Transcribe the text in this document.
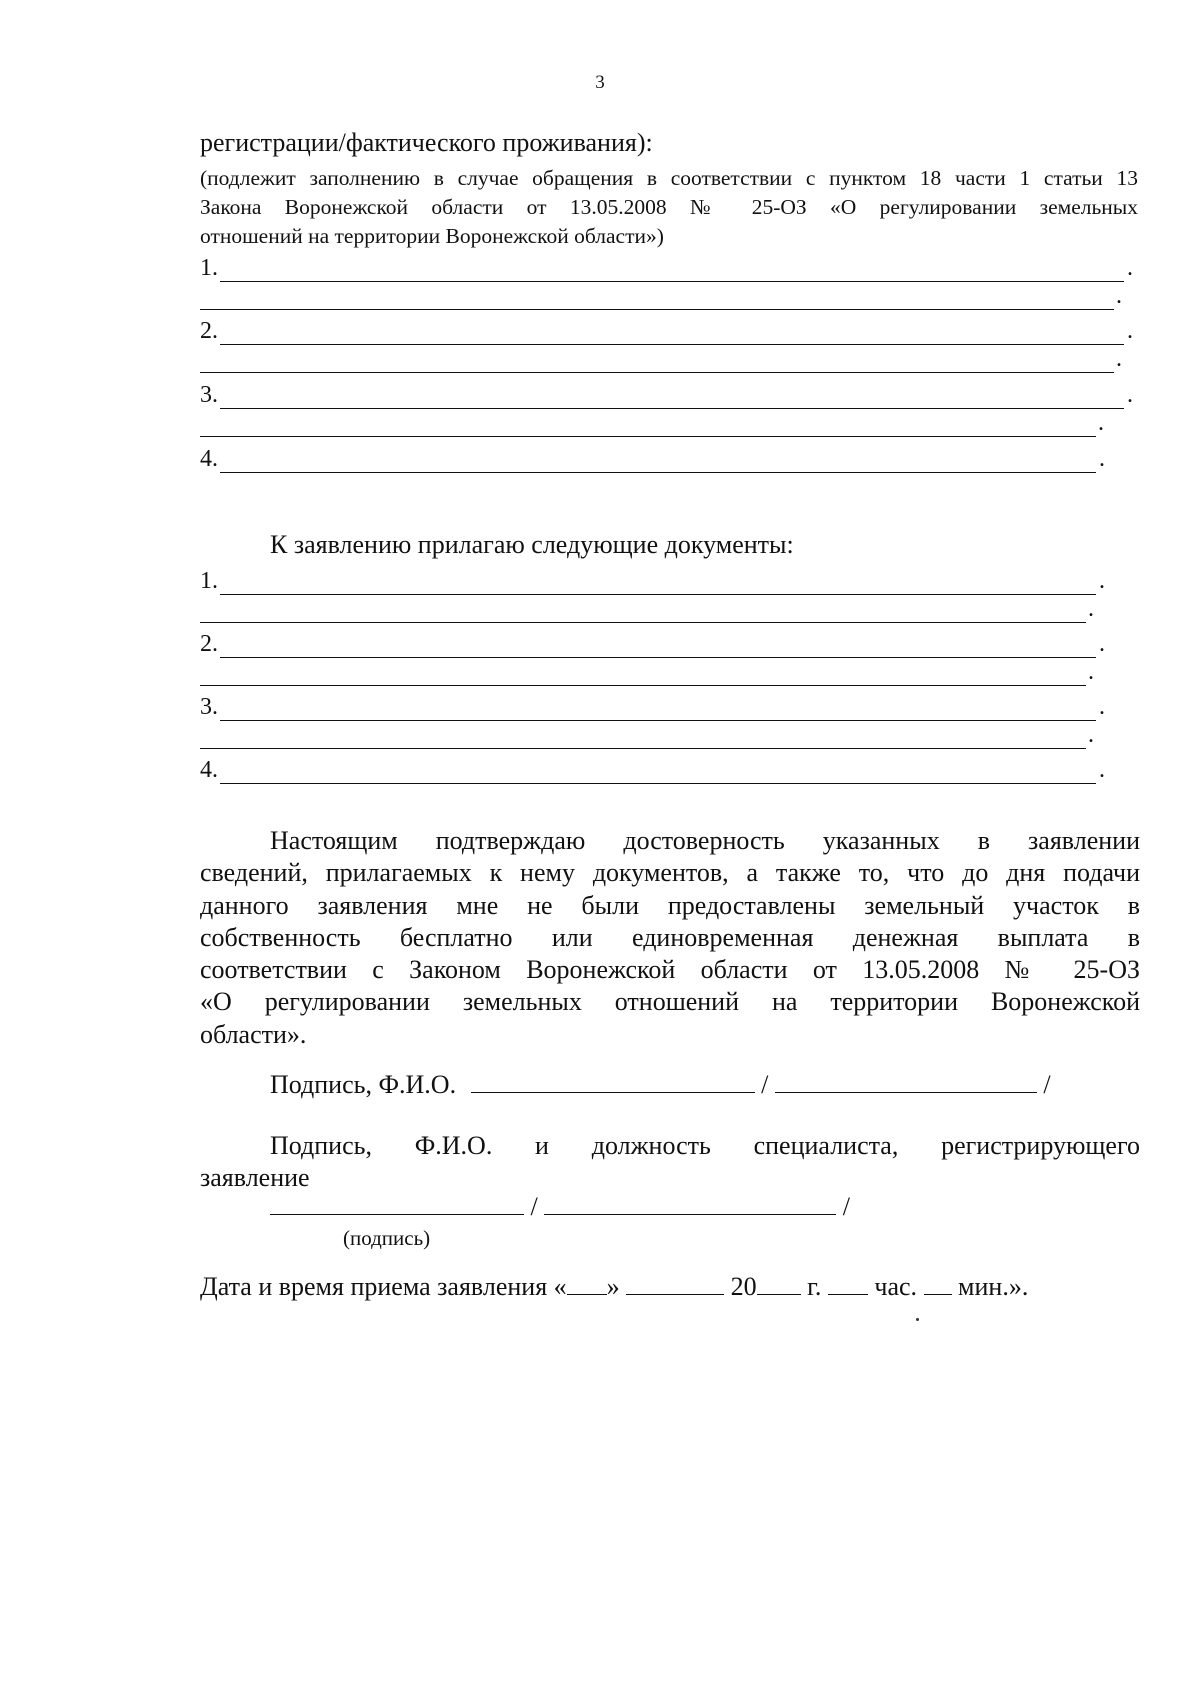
3
регистрации/фактического проживания):
(подлежит заполнению в случае обращения в соответствии с пунктом 18 части 1 статьи 13
Закона Воронежской области от 13.05.2008 № 25-ОЗ «О регулировании земельных
отношений на территории Воронежской области»)
1.	.
.
2.	.
.
3.	.
.
4.	.
К заявлению прилагаю следующие документы:
1.	.
.
2.	.
.
3.	.
.
4.	.
Настоящим подтверждаю достоверность указанных в заявлении
сведений, прилагаемых к нему документов, а также то, что до дня подачи
данного заявления мне не были предоставлены земельный участок в
собственность бесплатно или единовременная денежная выплата в
соответствии с Законом Воронежской области от 13.05.2008 № 25-ОЗ
«О регулировании земельных отношений на территории Воронежской
области».
Подпись, Ф.И.О.	/	/
Подпись, Ф.И.О. и должность специалиста, регистрирующего
заявление
/	/
(подпись)
Дата и время приема заявления « »	20 г. час. мин.».
